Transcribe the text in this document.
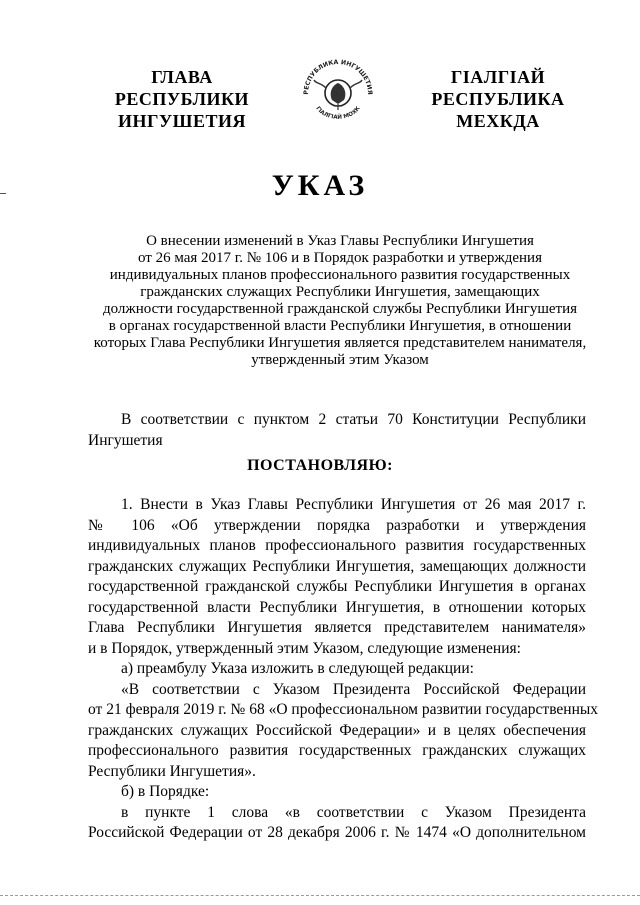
ГЛАВА
РЕСПУБЛИКИ
ИНГУШЕТИЯ
РЕСПУБЛИКА ИНГУШЕТИЯ
ГIАЛГIАЙ МОХК
ГIАЛГIАЙ
РЕСПУБЛИКА
МЕХКДА
УКАЗ
О внесении изменений в Указ Главы Республики Ингушетия
от 26 мая 2017 г. № 106 и в Порядок разработки и утверждения
индивидуальных планов профессионального развития государственных
гражданских служащих Республики Ингушетия, замещающих
должности государственной гражданской службы Республики Ингушетия
в органах государственной власти Республики Ингушетия, в отношении
которых Глава Республики Ингушетия является представителем нанимателя,
утвержденный этим Указом
В соответствии с пунктом 2 статьи 70 Конституции Республики
Ингушетия
ПОСТАНОВЛЯЮ:
1. Внести в Указ Главы Республики Ингушетия от 26 мая 2017 г.
№ 106 «Об утверждении порядка разработки и утверждения
индивидуальных планов профессионального развития государственных
гражданских служащих Республики Ингушетия, замещающих должности
государственной гражданской службы Республики Ингушетия в органах
государственной власти Республики Ингушетия, в отношении которых
Глава Республики Ингушетия является представителем нанимателя»
и в Порядок, утвержденный этим Указом, следующие изменения:
а) преамбулу Указа изложить в следующей редакции:
«В соответствии с Указом Президента Российской Федерации
от 21 февраля 2019 г. № 68 «О профессиональном развитии государственных
гражданских служащих Российской Федерации» и в целях обеспечения
профессионального развития государственных гражданских служащих
Республики Ингушетия».
б) в Порядке:
в пункте 1 слова «в соответствии с Указом Президента
Российской Федерации от 28 декабря 2006 г. № 1474 «О дополнительном
